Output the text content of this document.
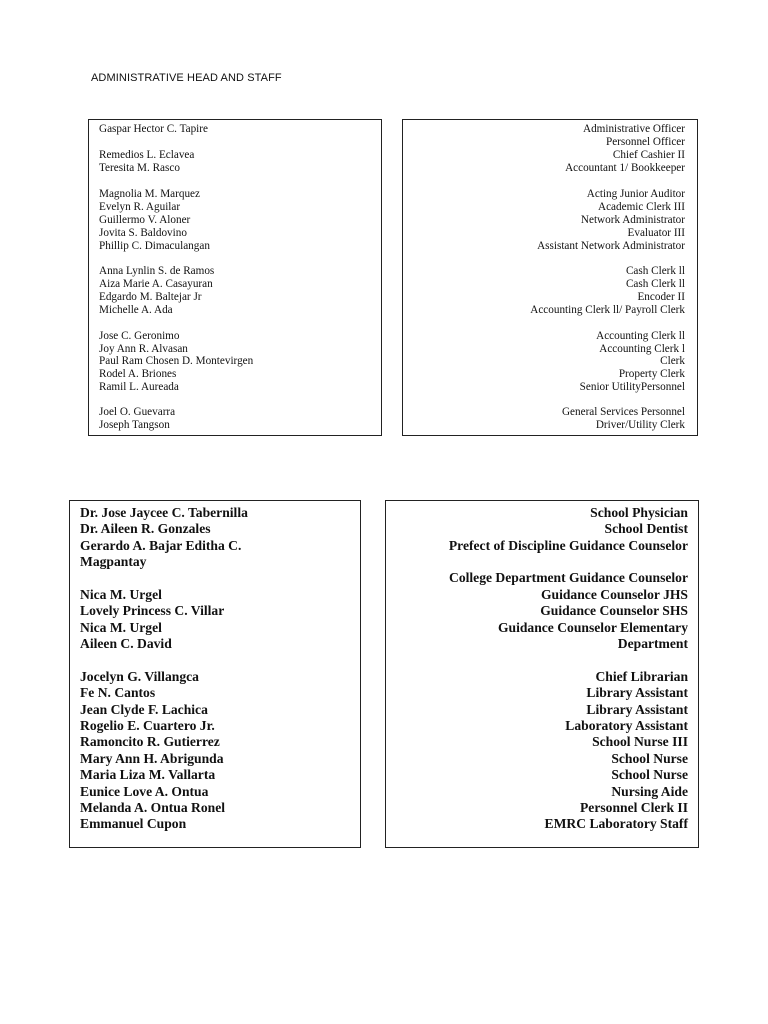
ADMINISTRATIVE HEAD AND STAFF
Gaspar Hector C. Tapire
Remedios L. Eclavea
Teresita M. Rasco
Magnolia M. Marquez
Evelyn R. Aguilar
Guillermo V. Aloner
Jovita S. Baldovino
Phillip C. Dimaculangan
Anna Lynlin S. de Ramos
Aiza Marie A. Casayuran
Edgardo M. Baltejar Jr
Michelle A. Ada
Jose C. Geronimo
Joy Ann R. Alvasan
Paul Ram Chosen D. Montevirgen
Rodel A. Briones
Ramil L. Aureada
Joel O. Guevarra
Joseph Tangson
Administrative Officer
Personnel Officer
Chief Cashier II
Accountant 1/ Bookkeeper
Acting Junior Auditor
Academic Clerk III
Network Administrator
Evaluator III
Assistant Network Administrator
Cash Clerk ll
Cash Clerk ll
Encoder II
Accounting Clerk ll/ Payroll Clerk
Accounting Clerk ll
Accounting Clerk l
Clerk
Property Clerk
Senior UtilityPersonnel
General Services Personnel
Driver/Utility Clerk
Dr. Jose Jaycee C. Tabernilla
Dr. Aileen R. Gonzales
Gerardo A. Bajar Editha C.
Magpantay
Nica M. Urgel
Lovely Princess C. Villar
Nica M. Urgel
Aileen C. David
Jocelyn G. Villangca
Fe N. Cantos
Jean Clyde F. Lachica
Rogelio E. Cuartero Jr.
Ramoncito R. Gutierrez
Mary Ann H. Abrigunda
Maria Liza M. Vallarta
Eunice Love A. Ontua
Melanda A. Ontua Ronel
Emmanuel Cupon
School Physician
School Dentist
Prefect of Discipline Guidance Counselor
College Department Guidance Counselor
Guidance Counselor JHS
Guidance Counselor SHS
Guidance Counselor Elementary
Department
Chief Librarian
Library Assistant
Library Assistant
Laboratory Assistant
School Nurse III
School Nurse
School Nurse
Nursing Aide
Personnel Clerk II
EMRC Laboratory Staff
